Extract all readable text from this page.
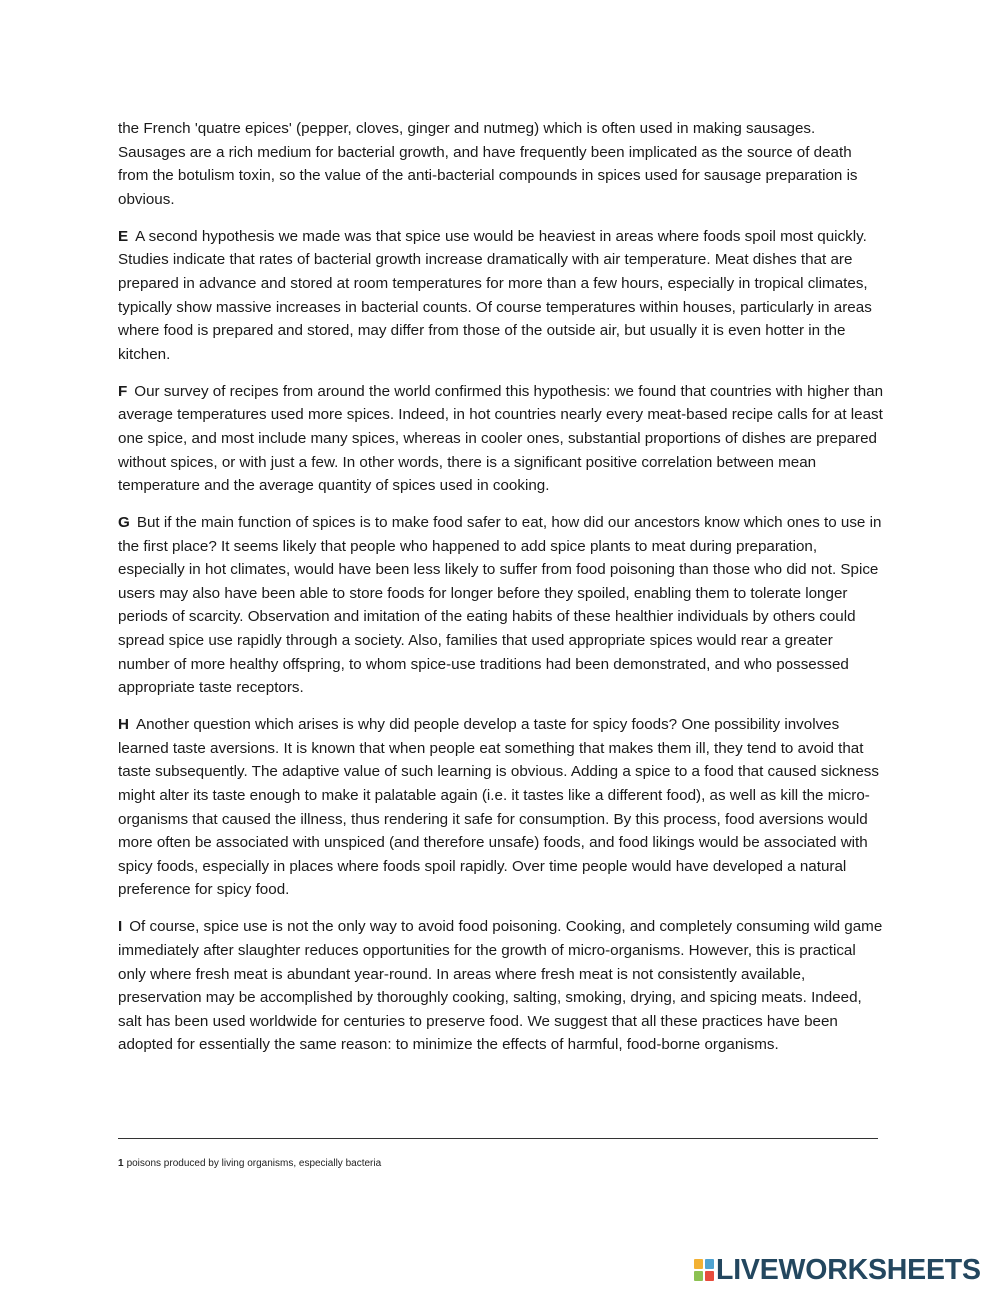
the French 'quatre epices' (pepper, cloves, ginger and nutmeg) which is often used in making sausages. Sausages are a rich medium for bacterial growth, and have frequently been implicated as the source of death from the botulism toxin, so the value of the anti-bacterial compounds in spices used for sausage preparation is obvious.

E A second hypothesis we made was that spice use would be heaviest in areas where foods spoil most quickly. Studies indicate that rates of bacterial growth increase dramatically with air temperature. Meat dishes that are prepared in advance and stored at room temperatures for more than a few hours, especially in tropical climates, typically show massive increases in bacterial counts. Of course temperatures within houses, particularly in areas where food is prepared and stored, may differ from those of the outside air, but usually it is even hotter in the kitchen.

F Our survey of recipes from around the world confirmed this hypothesis: we found that countries with higher than average temperatures used more spices. Indeed, in hot countries nearly every meat-based recipe calls for at least one spice, and most include many spices, whereas in cooler ones, substantial proportions of dishes are prepared without spices, or with just a few. In other words, there is a significant positive correlation between mean temperature and the average quantity of spices used in cooking.

G But if the main function of spices is to make food safer to eat, how did our ancestors know which ones to use in the first place? It seems likely that people who happened to add spice plants to meat during preparation, especially in hot climates, would have been less likely to suffer from food poisoning than those who did not. Spice users may also have been able to store foods for longer before they spoiled, enabling them to tolerate longer periods of scarcity. Observation and imitation of the eating habits of these healthier individuals by others could spread spice use rapidly through a society. Also, families that used appropriate spices would rear a greater number of more healthy offspring, to whom spice-use traditions had been demonstrated, and who possessed appropriate taste receptors.

H Another question which arises is why did people develop a taste for spicy foods? One possibility involves learned taste aversions. It is known that when people eat something that makes them ill, they tend to avoid that taste subsequently. The adaptive value of such learning is obvious. Adding a spice to a food that caused sickness might alter its taste enough to make it palatable again (i.e. it tastes like a different food), as well as kill the micro-organisms that caused the illness, thus rendering it safe for consumption. By this process, food aversions would more often be associated with unspiced (and therefore unsafe) foods, and food likings would be associated with spicy foods, especially in places where foods spoil rapidly. Over time people would have developed a natural preference for spicy food.

I Of course, spice use is not the only way to avoid food poisoning. Cooking, and completely consuming wild game immediately after slaughter reduces opportunities for the growth of micro-organisms. However, this is practical only where fresh meat is abundant year-round. In areas where fresh meat is not consistently available, preservation may be accomplished by thoroughly cooking, salting, smoking, drying, and spicing meats. Indeed, salt has been used worldwide for centuries to preserve food. We suggest that all these practices have been adopted for essentially the same reason: to minimize the effects of harmful, food-borne organisms.

1 poisons produced by living organisms, especially bacteria
LIVEWORKSHEETS
